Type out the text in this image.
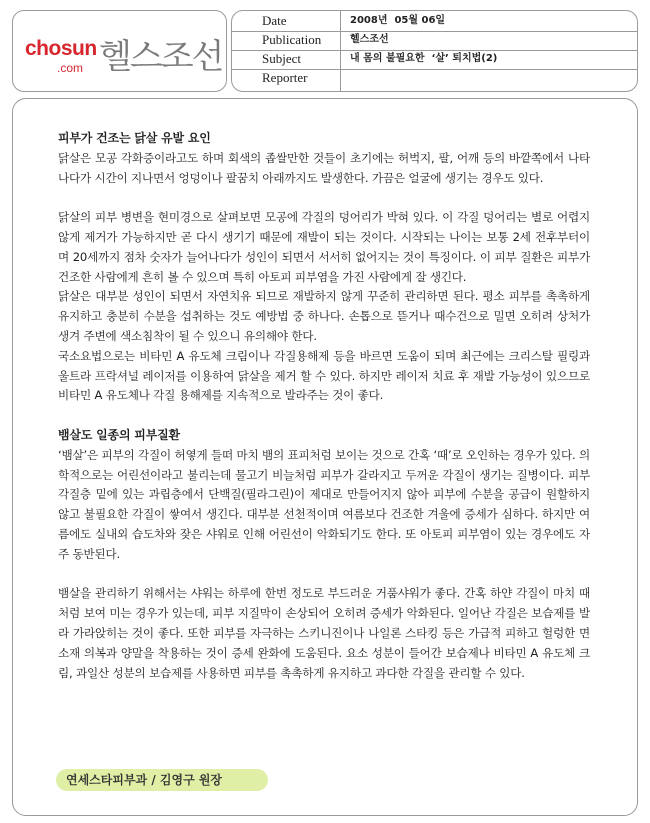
chosun
.com 헬스조선
Date	2008년  05월 06일
Publication	헬스조선
Subject	내 몸의 불필요한  ‘살’ 퇴치법(2)
Reporter

피부가 건조는 닭살 유발 요인

닭살은 모공 각화증이라고도 하며 회색의 좁쌀만한 것들이 초기에는 허벅지, 팔, 어깨 등의 바깥쪽에서 나타나다가 시간이 지나면서 엉덩이나 팔꿈치 아래까지도 발생한다. 가끔은 얼굴에 생기는 경우도 있다.

닭살의 피부 병변을 현미경으로 살펴보면 모공에 각질의 덩어리가 박혀 있다. 이 각질 덩어리는 별로 어렵지 않게 제거가 가능하지만 곧 다시 생기기 때문에 재발이 되는 것이다. 시작되는 나이는 보통 2세 전후부터이며 20세까지 점차 숫자가 늘어나다가 성인이 되면서 서서히 없어지는 것이 특징이다. 이 피부 질환은 피부가 건조한 사람에게 흔히 볼 수 있으며 특히 아토피 피부염을 가진 사람에게 잘 생긴다.

닭살은 대부분 성인이 되면서 자연치유 되므로 재발하지 않게 꾸준히 관리하면 된다. 평소 피부를 촉촉하게 유지하고 충분히 수분을 섭취하는 것도 예방법 중 하나다. 손톱으로 뜯거나 때수건으로 밀면 오히려 상처가 생겨 주변에 색소침착이 될 수 있으니 유의해야 한다.

국소요법으로는 비타민 A 유도체 크림이나 각질용해제 등을 바르면 도움이 되며 최근에는 크리스탈 필링과 울트라 프락셔널 레이저를 이용하여 닭살을 제거 할 수 있다. 하지만 레이저 치료 후 재발 가능성이 있으므로 비타민 A 유도체나 각질 용해제를 지속적으로 발라주는 것이 좋다.

뱀살도 일종의 피부질환

‘뱀살’은 피부의 각질이 허옇게 들떠 마치 뱀의 표피처럼 보이는 것으로 간혹 ‘때’로 오인하는 경우가 있다. 의학적으로는 어린선이라고 불리는데 물고기 비늘처럼 피부가 갈라지고 두꺼운 각질이 생기는 질병이다. 피부 각질층 밑에 있는 과립층에서 단백질(필라그린)이 제대로 만들어지지 않아 피부에 수분을 공급이 원할하지 않고 불필요한 각질이 쌓여서 생긴다. 대부분 선천적이며 여름보다 건조한 겨울에 증세가 심하다. 하지만 여름에도 실내외 습도차와 잦은 샤워로 인해 어린선이 악화되기도 한다. 또 아토피 피부염이 있는 경우에도 자주 동반된다.

뱀살을 관리하기 위해서는 샤워는 하루에 한번 정도로 부드러운 거품샤워가 좋다. 간혹 하얀 각질이 마치 때처럼 보여 미는 경우가 있는데, 피부 지질막이 손상되어 오히려 증세가 악화된다. 일어난 각질은 보습제를 발라 가라앉히는 것이 좋다. 또한 피부를 자극하는 스키니진이나 나일론 스타킹 등은 가급적 피하고 헐렁한 면소재 의복과 양말을 착용하는 것이 증세 완화에 도움된다. 요소 성분이 들어간 보습제나 비타민 A 유도체 크림, 과일산 성분의 보습제를 사용하면 피부를 촉촉하게 유지하고 과다한 각질을 관리할 수 있다.

연세스타피부과 / 김영구 원장
